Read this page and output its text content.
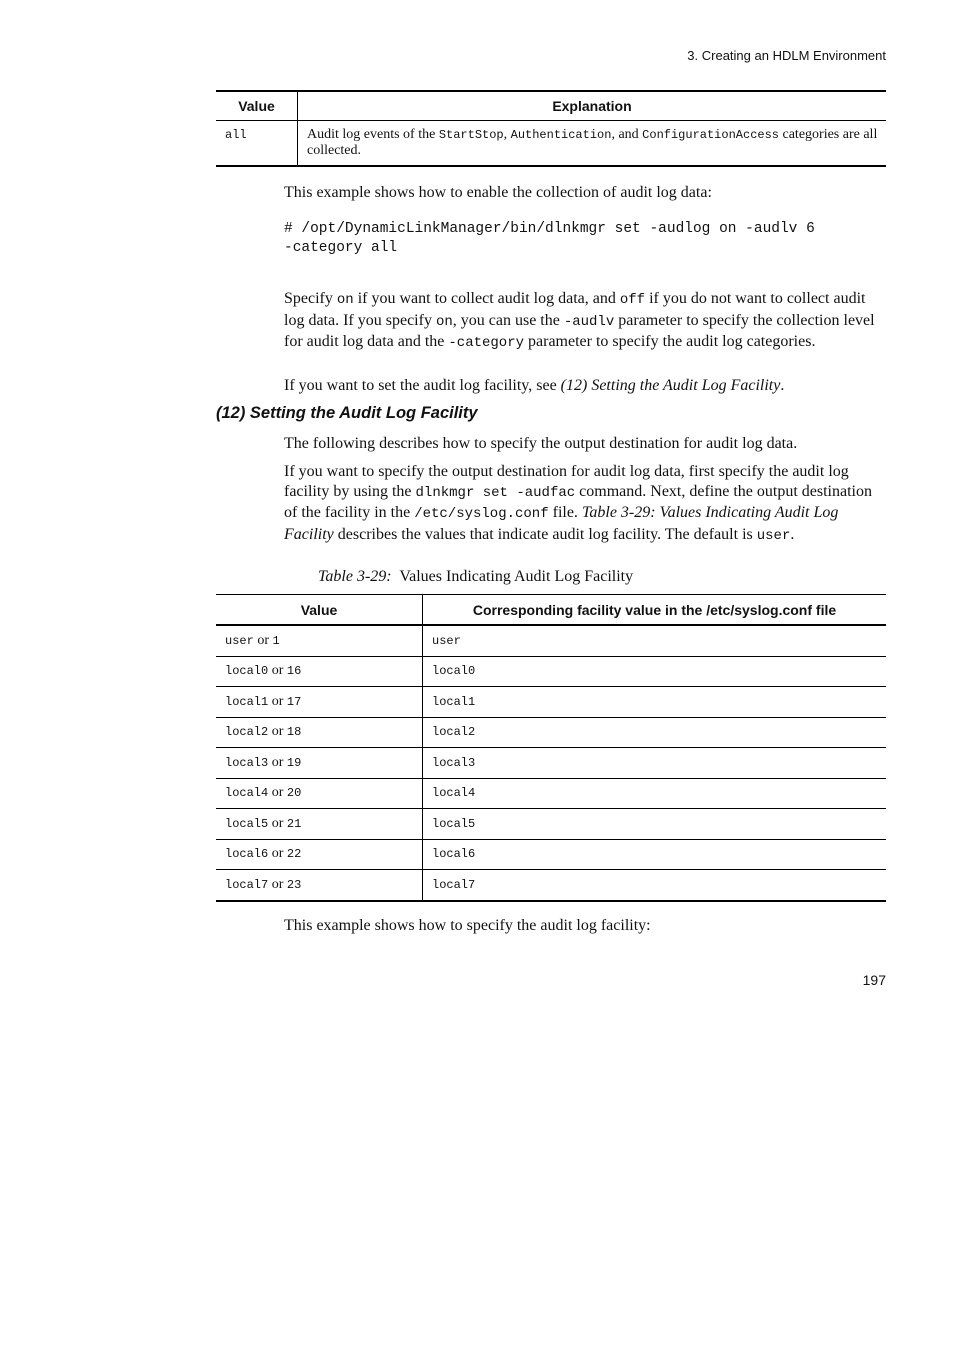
3. Creating an HDLM Environment
Value	Explanation
all	Audit log events of the StartStop, Authentication, and ConfigurationAccess categories are all collected.

This example shows how to enable the collection of audit log data:

# /opt/DynamicLinkManager/bin/dlnkmgr set -audlog on -audlv 6
-category all

Specify on if you want to collect audit log data, and off if you do not want to collect audit log data. If you specify on, you can use the -audlv parameter to specify the collection level for audit log data and the -category parameter to specify the audit log categories.

If you want to set the audit log facility, see (12) Setting the Audit Log Facility.

(12) Setting the Audit Log Facility

The following describes how to specify the output destination for audit log data.

If you want to specify the output destination for audit log data, first specify the audit log facility by using the dlnkmgr set -audfac command. Next, define the output destination of the facility in the /etc/syslog.conf file. Table 3-29: Values Indicating Audit Log Facility describes the values that indicate audit log facility. The default is user.

Table 3-29:  Values Indicating Audit Log Facility
Value	Corresponding facility value in the /etc/syslog.conf file
user or 1	user
local0 or 16	local0
local1 or 17	local1
local2 or 18	local2
local3 or 19	local3
local4 or 20	local4
local5 or 21	local5
local6 or 22	local6
local7 or 23	local7

This example shows how to specify the audit log facility:

197
